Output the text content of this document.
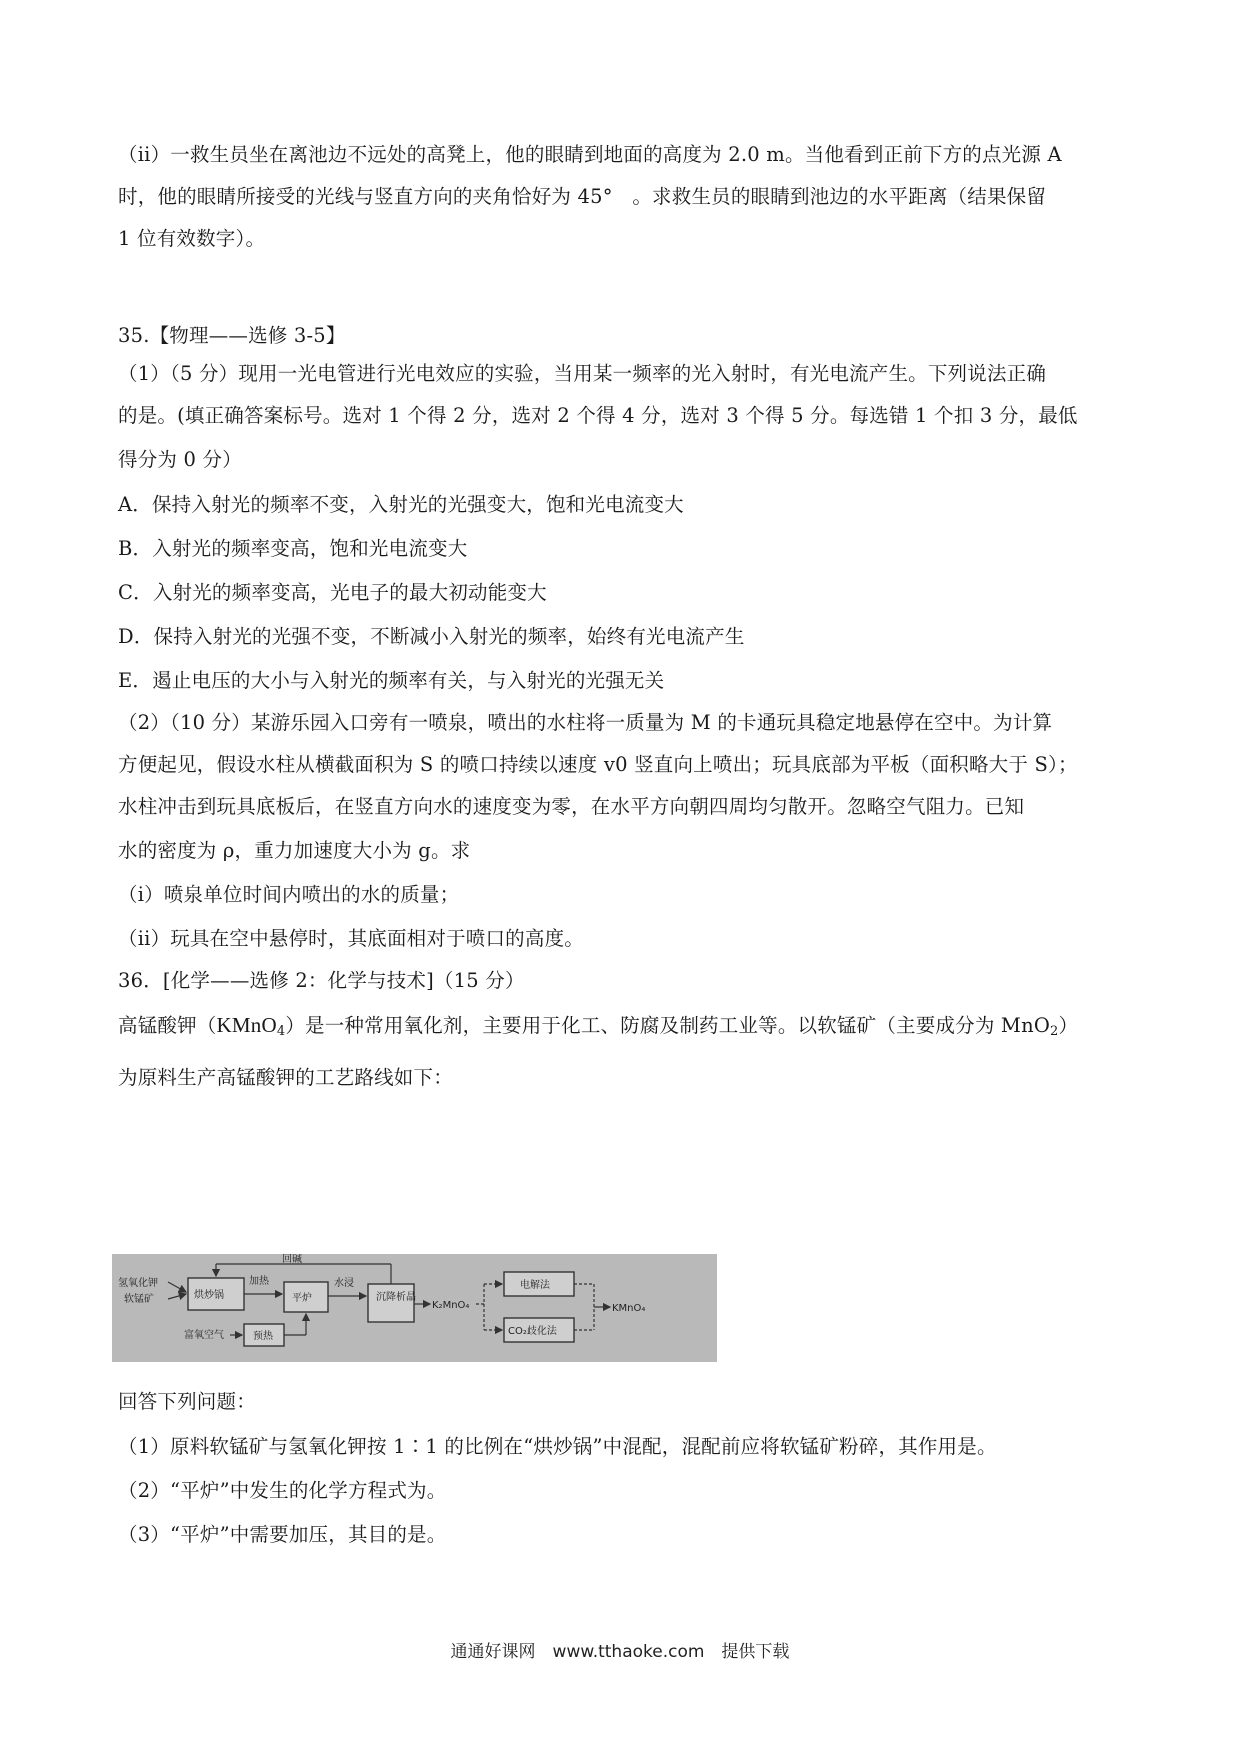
（ii）一救生员坐在离池边不远处的高凳上，他的眼睛到地面的高度为 2.0 m。当他看到正前下方的点光源 A
时，他的眼睛所接受的光线与竖直方向的夹角恰好为 45°　。求救生员的眼睛到池边的水平距离（结果保留
1 位有效数字）。
35.【物理——选修 3-5】
（1）（5 分）现用一光电管进行光电效应的实验，当用某一频率的光入射时，有光电流产生。下列说法正确
的是。(填正确答案标号。选对 1 个得 2 分，选对 2 个得 4 分，选对 3 个得 5 分。每选错 1 个扣 3 分，最低
得分为 0 分）
A．保持入射光的频率不变，入射光的光强变大，饱和光电流变大
B．入射光的频率变高，饱和光电流变大
C．入射光的频率变高，光电子的最大初动能变大
D．保持入射光的光强不变，不断减小入射光的频率，始终有光电流产生
E．遏止电压的大小与入射光的频率有关，与入射光的光强无关
（2）（10 分）某游乐园入口旁有一喷泉，喷出的水柱将一质量为 M 的卡通玩具稳定地悬停在空中。为计算
方便起见，假设水柱从横截面积为 S 的喷口持续以速度 v0 竖直向上喷出；玩具底部为平板（面积略大于 S）；
水柱冲击到玩具底板后，在竖直方向水的速度变为零，在水平方向朝四周均匀散开。忽略空气阻力。已知
水的密度为 ρ，重力加速度大小为 g。求
（i）喷泉单位时间内喷出的水的质量；
（ii）玩具在空中悬停时，其底面相对于喷口的高度。
36．[化学——选修 2：化学与技术]（15 分）
高锰酸钾（KMnO$_4$）是一种常用氧化剂，主要用于化工、防腐及制药工业等。以软锰矿（主要成分为 MnO$_2$）
为原料生产高锰酸钾的工艺路线如下：
氢氧化钾
软锰矿	烘炒锅
加热
平炉
水浸
沉降析晶
回碱
富氧空气	预热
K₂MnO₄
电解法
CO₂歧化法
KMnO₄
回答下列问题：
（1）原料软锰矿与氢氧化钾按 1∶1 的比例在“烘炒锅”中混配，混配前应将软锰矿粉碎，其作用是。
（2）“平炉”中发生的化学方程式为。
（3）“平炉”中需要加压，其目的是。
通通好课网　www.tthaoke.com　提供下载
